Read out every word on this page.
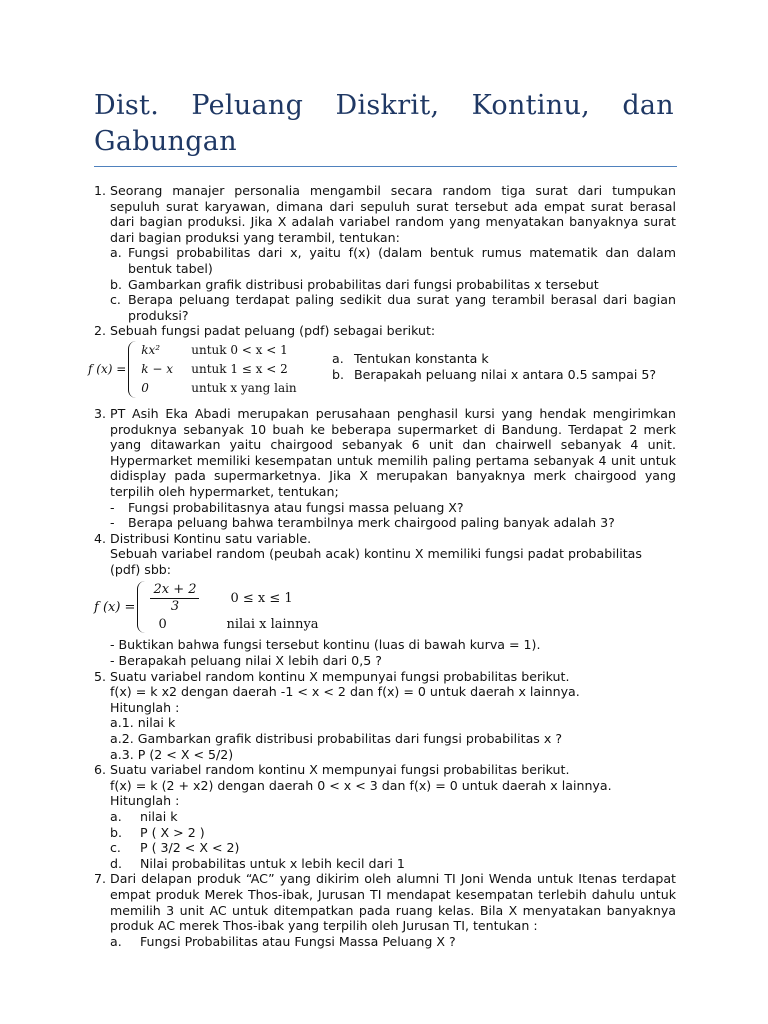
Dist. Peluang Diskrit, Kontinu, dan Gabungan
1. Seorang manajer personalia mengambil secara random tiga surat dari tumpukan sepuluh surat karyawan, dimana dari sepuluh surat tersebut ada empat surat berasal dari bagian produksi. Jika X adalah variabel random yang menyatakan banyaknya surat dari bagian produksi yang terambil, tentukan:
a. Fungsi probabilitas dari x, yaitu f(x) (dalam bentuk rumus matematik dan dalam bentuk tabel)
b. Gambarkan grafik distribusi probabilitas dari fungsi probabilitas x tersebut
c. Berapa peluang terdapat paling sedikit dua surat yang terambil berasal dari bagian produksi?
2. Sebuah fungsi padat peluang (pdf) sebagai berikut:
f (x) =
kx²	untuk 0 < x < 1
k − x	untuk 1 ≤ x < 2
0	untuk x yang lain
a. Tentukan konstanta k
b. Berapakah peluang nilai x antara 0.5 sampai 5?
3. PT Asih Eka Abadi merupakan perusahaan penghasil kursi yang hendak mengirimkan produknya sebanyak 10 buah ke beberapa supermarket di Bandung. Terdapat 2 merk yang ditawarkan yaitu chairgood sebanyak 6 unit dan chairwell sebanyak 4 unit. Hypermarket memiliki kesempatan untuk memilih paling pertama sebanyak 4 unit untuk didisplay pada supermarketnya. Jika X merupakan banyaknya merk chairgood yang terpilih oleh hypermarket, tentukan;
-	Fungsi probabilitasnya atau fungsi massa peluang X?
-	Berapa peluang bahwa terambilnya merk chairgood paling banyak adalah 3?
4. Distribusi Kontinu satu variable.
Sebuah variabel random (peubah acak) kontinu X memiliki fungsi padat probabilitas (pdf) sbb:
f $(x) = \frac{2x + 2}{3}$	0 ≤ x ≤ 1
0	nilai x lainnya
- Buktikan bahwa fungsi tersebut kontinu (luas di bawah kurva = 1).
- Berapakah peluang nilai X lebih dari 0,5 ?
5. Suatu variabel random kontinu X mempunyai fungsi probabilitas berikut.
f(x) = k x2 dengan daerah -1 < x < 2 dan f(x) = 0 untuk daerah x lainnya.
Hitunglah :
a.1. nilai k
a.2. Gambarkan grafik distribusi probabilitas dari fungsi probabilitas x ?
a.3. P (2 < X < 5/2)
6. Suatu variabel random kontinu X mempunyai fungsi probabilitas berikut.
f(x) = k (2 + x2) dengan daerah 0 < x < 3 dan f(x) = 0 untuk daerah x lainnya.
Hitunglah :
a.	nilai k
b.	P ( X > 2 )
c.	P ( 3/2 < X < 2)
d.	Nilai probabilitas untuk x lebih kecil dari 1
7. Dari delapan produk “AC” yang dikirim oleh alumni TI Joni Wenda untuk Itenas terdapat empat produk Merek Thos-ibak, Jurusan TI mendapat kesempatan terlebih dahulu untuk memilih 3 unit AC untuk ditempatkan pada ruang kelas. Bila X menyatakan banyaknya produk AC merek Thos-ibak yang terpilih oleh Jurusan TI, tentukan :
a.	Fungsi Probabilitas atau Fungsi Massa Peluang X ?
